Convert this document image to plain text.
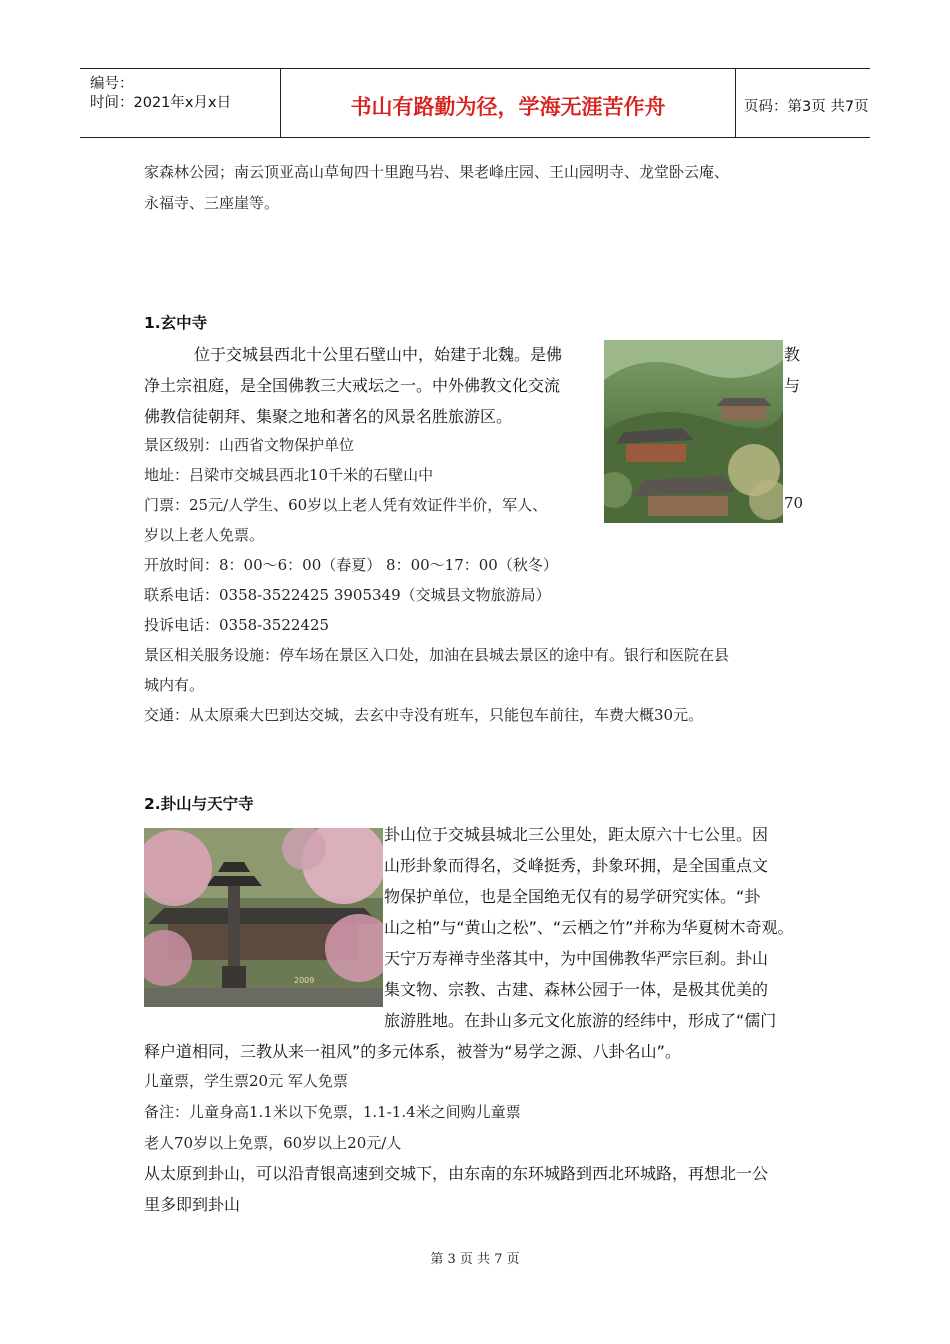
编号：
时间：2021年x月x日	书山有路勤为径，学海无涯苦作舟	页码：第3页 共7页
家森林公园；南云顶亚高山草甸四十里跑马岩、果老峰庄园、王山园明寺、龙堂卧云庵、
永福寺、三座崖等。
1.玄中寺
位于交城县西北十公里石壁山中，始建于北魏。是佛	教
净土宗祖庭，是全国佛教三大戒坛之一。中外佛教文化交流	与
佛教信徒朝拜、集聚之地和著名的风景名胜旅游区。
景区级别：山西省文物保护单位
地址：吕梁市交城县西北10千米的石壁山中
门票：25元/人学生、60岁以上老人凭有效证件半价，军人、	70
岁以上老人免票。
开放时间：8：00～6：00（春夏） 8：00～17：00（秋冬）
联系电话：0358-3522425 3905349（交城县文物旅游局）
投诉电话：0358-3522425
景区相关服务设施：停车场在景区入口处，加油在县城去景区的途中有。银行和医院在县
城内有。
交通：从太原乘大巴到达交城，去玄中寺没有班车，只能包车前往，车费大概30元。
2.卦山与天宁寺
2009
卦山位于交城县城北三公里处，距太原六十七公里。因
山形卦象而得名，爻峰挺秀，卦象环拥，是全国重点文
物保护单位，也是全国绝无仅有的易学研究实体。“卦
山之柏”与“黄山之松”、“云栖之竹”并称为华夏树木奇观。
天宁万寿禅寺坐落其中，为中国佛教华严宗巨刹。卦山
集文物、宗教、古建、森林公园于一体，是极其优美的
旅游胜地。在卦山多元文化旅游的经纬中，形成了“儒门
释户道相同，三教从来一祖风”的多元体系，被誉为“易学之源、八卦名山”。
儿童票，学生票20元 军人免票
备注：儿童身高1.1米以下免票，1.1-1.4米之间购儿童票
老人70岁以上免票，60岁以上20元/人
从太原到卦山，可以沿青银高速到交城下，由东南的东环城路到西北环城路，再想北一公
里多即到卦山
第 3 页 共 7 页
